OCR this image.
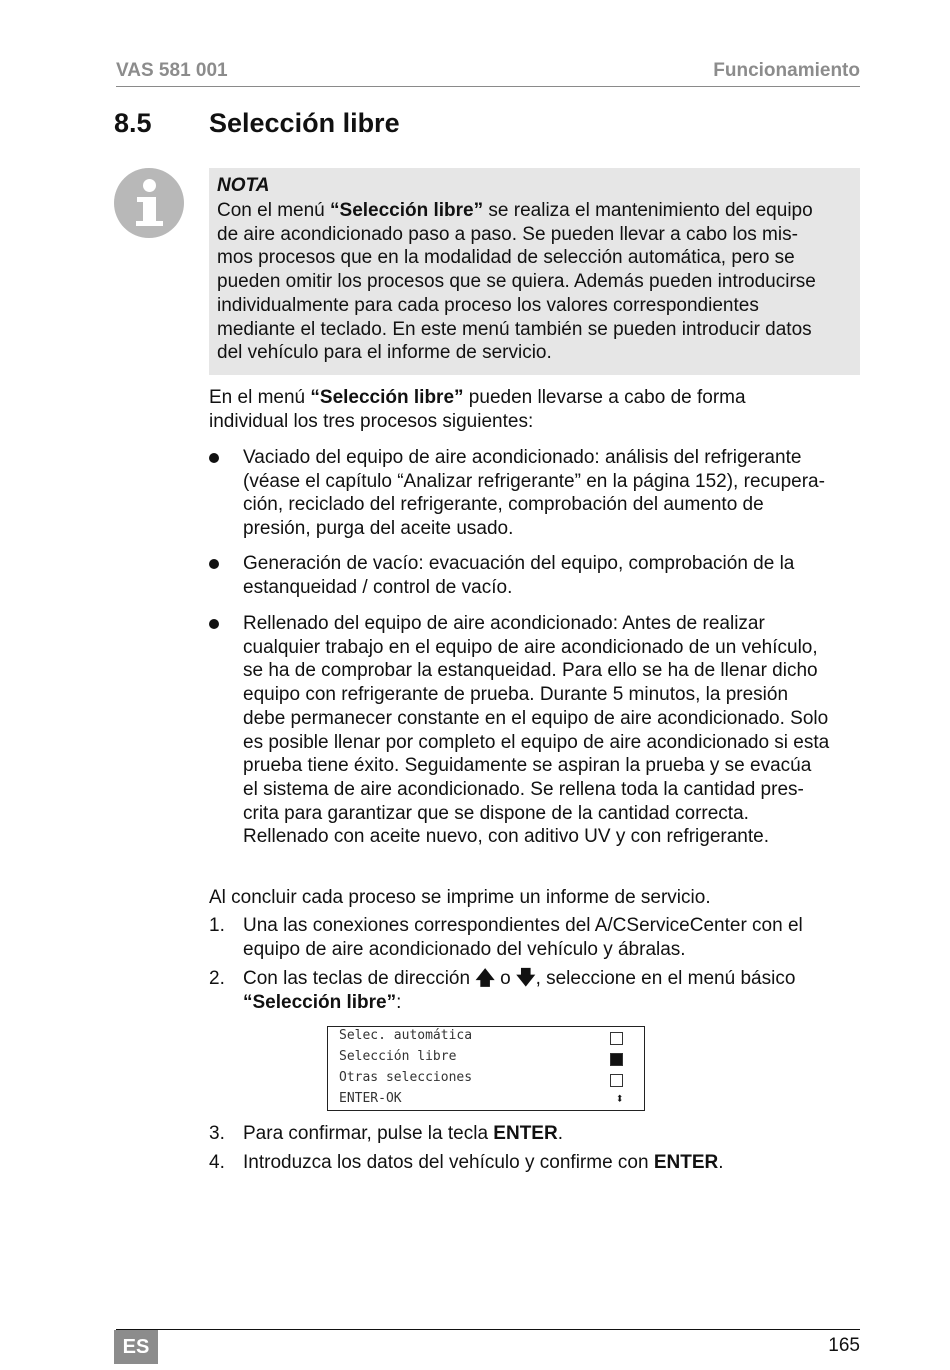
VAS 581 001	Funcionamiento
8.5 Selección libre
NOTA
Con el menú “Selección libre” se realiza el mantenimiento del equipo
de aire acondicionado paso a paso. Se pueden llevar a cabo los mis-
mos procesos que en la modalidad de selección automática, pero se
pueden omitir los procesos que se quiera. Además pueden introducirse
individualmente para cada proceso los valores correspondientes
mediante el teclado. En este menú también se pueden introducir datos
del vehículo para el informe de servicio.
En el menú “Selección libre” pueden llevarse a cabo de forma
individual los tres procesos siguientes:
Vaciado del equipo de aire acondicionado: análisis del refrigerante
(véase el capítulo “Analizar refrigerante” en la página 152), recupera-
ción, reciclado del refrigerante, comprobación del aumento de
presión, purga del aceite usado.
Generación de vacío: evacuación del equipo, comprobación de la
estanqueidad / control de vacío.
Rellenado del equipo de aire acondicionado: Antes de realizar
cualquier trabajo en el equipo de aire acondicionado de un vehículo,
se ha de comprobar la estanqueidad. Para ello se ha de llenar dicho
equipo con refrigerante de prueba. Durante 5 minutos, la presión
debe permanecer constante en el equipo de aire acondicionado. Solo
es posible llenar por completo el equipo de aire acondicionado si esta
prueba tiene éxito. Seguidamente se aspiran la prueba y se evacúa
el sistema de aire acondicionado. Se rellena toda la cantidad pres-
crita para garantizar que se dispone de la cantidad correcta.
Rellenado con aceite nuevo, con aditivo UV y con refrigerante.
Al concluir cada proceso se imprime un informe de servicio.
1. Una las conexiones correspondientes del A/CServiceCenter con el
equipo de aire acondicionado del vehículo y ábralas.
2. Con las teclas de dirección 🡅 o 🡇, seleccione en el menú básico
“Selección libre”:
Selec. automática
Selección libre
Otras selecciones
ENTER-OK	⬍
3. Para confirmar, pulse la tecla ENTER.
4. Introduzca los datos del vehículo y confirme con ENTER.
ES	165
